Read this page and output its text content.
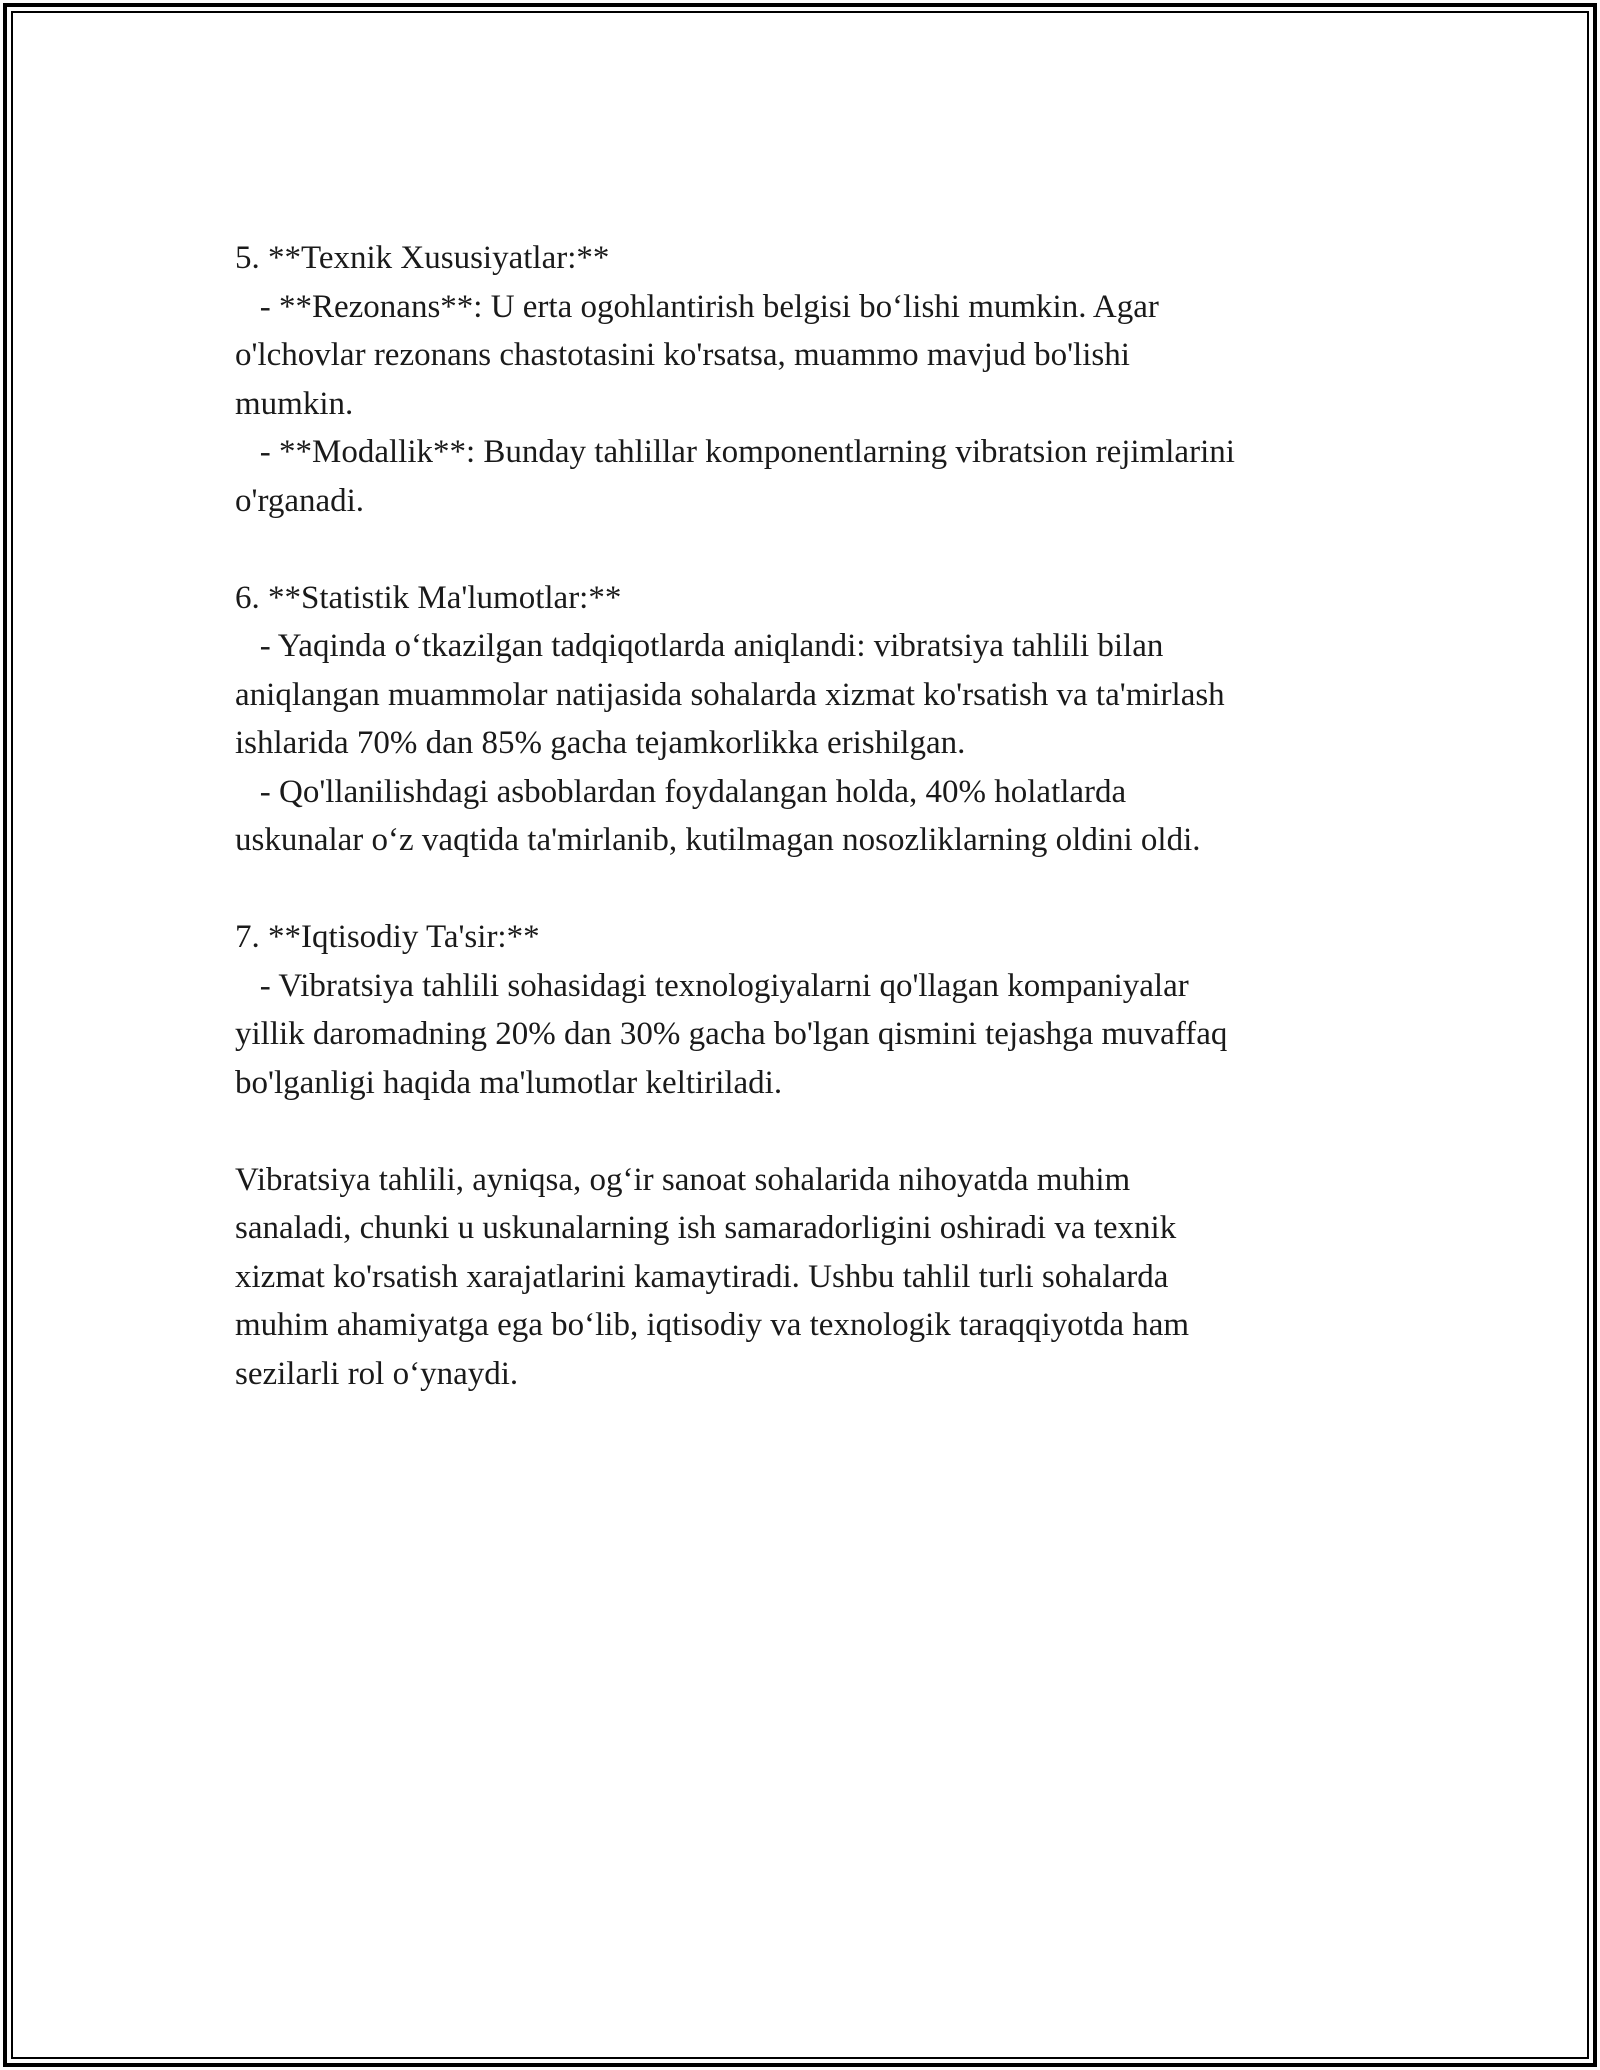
5. **Texnik Xususiyatlar:**
- **Rezonans**: U erta ogohlantirish belgisi bo‘lishi mumkin. Agar
o'lchovlar rezonans chastotasini ko'rsatsa, muammo mavjud bo'lishi
mumkin.
- **Modallik**: Bunday tahlillar komponentlarning vibratsion rejimlarini
o'rganadi.
6. **Statistik Ma'lumotlar:**
- Yaqinda o‘tkazilgan tadqiqotlarda aniqlandi: vibratsiya tahlili bilan
aniqlangan muammolar natijasida sohalarda xizmat ko'rsatish va ta'mirlash
ishlarida 70% dan 85% gacha tejamkorlikka erishilgan.
- Qo'llanilishdagi asboblardan foydalangan holda, 40% holatlarda
uskunalar o‘z vaqtida ta'mirlanib, kutilmagan nosozliklarning oldini oldi.
7. **Iqtisodiy Ta'sir:**
- Vibratsiya tahlili sohasidagi texnologiyalarni qo'llagan kompaniyalar
yillik daromadning 20% dan 30% gacha bo'lgan qismini tejashga muvaffaq
bo'lganligi haqida ma'lumotlar keltiriladi.
Vibratsiya tahlili, ayniqsa, og‘ir sanoat sohalarida nihoyatda muhim
sanaladi, chunki u uskunalarning ish samaradorligini oshiradi va texnik
xizmat ko'rsatish xarajatlarini kamaytiradi. Ushbu tahlil turli sohalarda
muhim ahamiyatga ega bo‘lib, iqtisodiy va texnologik taraqqiyotda ham
sezilarli rol o‘ynaydi.
